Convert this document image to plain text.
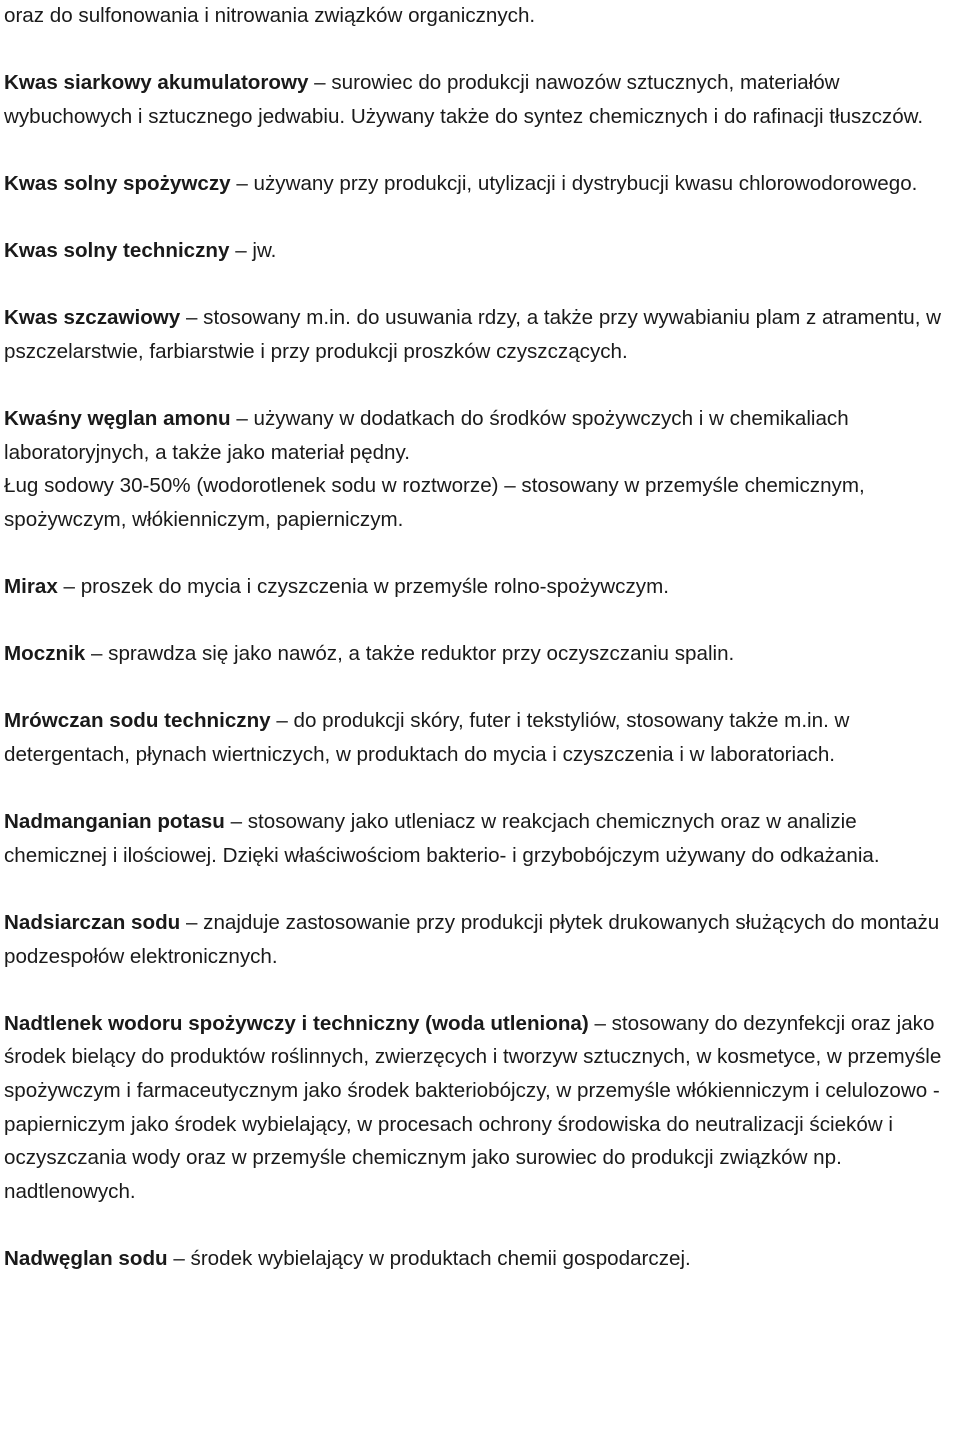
oraz do sulfonowania i nitrowania związków organicznych.

Kwas siarkowy akumulatorowy – surowiec do produkcji nawozów sztucznych, materiałów wybuchowych i sztucznego jedwabiu. Używany także do syntez chemicznych i do rafinacji tłuszczów.

Kwas solny spożywczy – używany przy produkcji, utylizacji i dystrybucji kwasu chlorowodorowego.

Kwas solny techniczny – jw.

Kwas szczawiowy – stosowany m.in. do usuwania rdzy, a także przy wywabianiu plam z atramentu, w pszczelarstwie, farbiarstwie i przy produkcji proszków czyszczących.

Kwaśny węglan amonu – używany w dodatkach do środków spożywczych i w chemikaliach laboratoryjnych, a także jako materiał pędny.

Ług sodowy 30-50% (wodorotlenek sodu w roztworze) – stosowany w przemyśle chemicznym, spożywczym, włókienniczym, papierniczym.

Mirax – proszek do mycia i czyszczenia w przemyśle rolno-spożywczym.

Mocznik – sprawdza się jako nawóz, a także reduktor przy oczyszczaniu spalin.

Mrówczan sodu techniczny – do produkcji skóry, futer i tekstyliów, stosowany także m.in. w detergentach, płynach wiertniczych, w produktach do mycia i czyszczenia i w laboratoriach.

Nadmanganian potasu – stosowany jako utleniacz w reakcjach chemicznych oraz w analizie chemicznej i ilościowej. Dzięki właściwościom bakterio- i grzybobójczym używany do odkażania.

Nadsiarczan sodu – znajduje zastosowanie przy produkcji płytek drukowanych służących do montażu podzespołów elektronicznych.

Nadtlenek wodoru spożywczy i techniczny (woda utleniona) – stosowany do dezynfekcji oraz jako środek bielący do produktów roślinnych, zwierzęcych i tworzyw sztucznych, w kosmetyce, w przemyśle spożywczym i farmaceutycznym jako środek bakteriobójczy, w przemyśle włókienniczym i celulozowo - papierniczym jako środek wybielający, w procesach ochrony środowiska do neutralizacji ścieków i oczyszczania wody oraz w przemyśle chemicznym jako surowiec do produkcji związków np. nadtlenowych.

Nadwęglan sodu – środek wybielający w produktach chemii gospodarczej.
